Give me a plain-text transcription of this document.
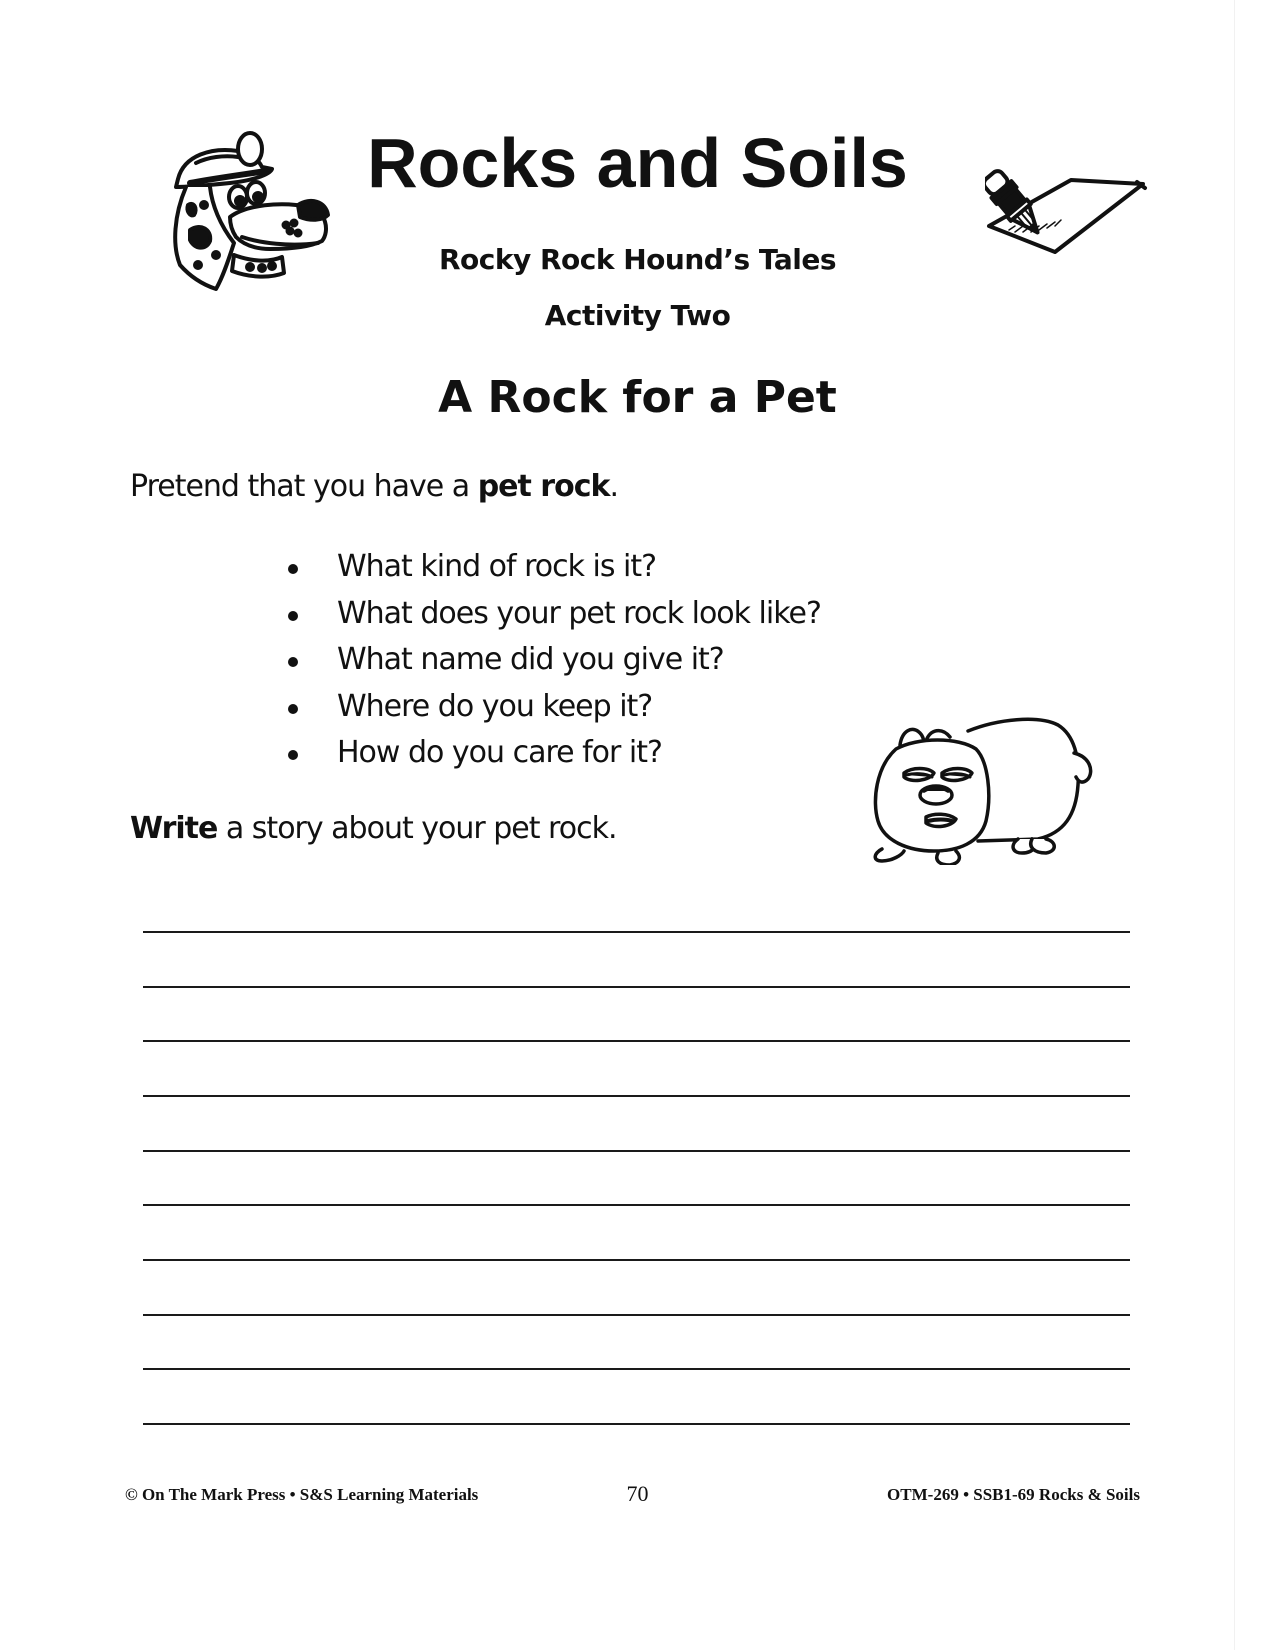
Rocks and Soils
Rocky Rock Hound’s Tales
Activity Two
A Rock for a Pet
Pretend that you have a pet rock.
What kind of rock is it?
What does your pet rock look like?
What name did you give it?
Where do you keep it?
How do you care for it?
Write a story about your pet rock.
© On The Mark Press • S&S Learning Materials	70	OTM-269 • SSB1-69 Rocks & Soils
